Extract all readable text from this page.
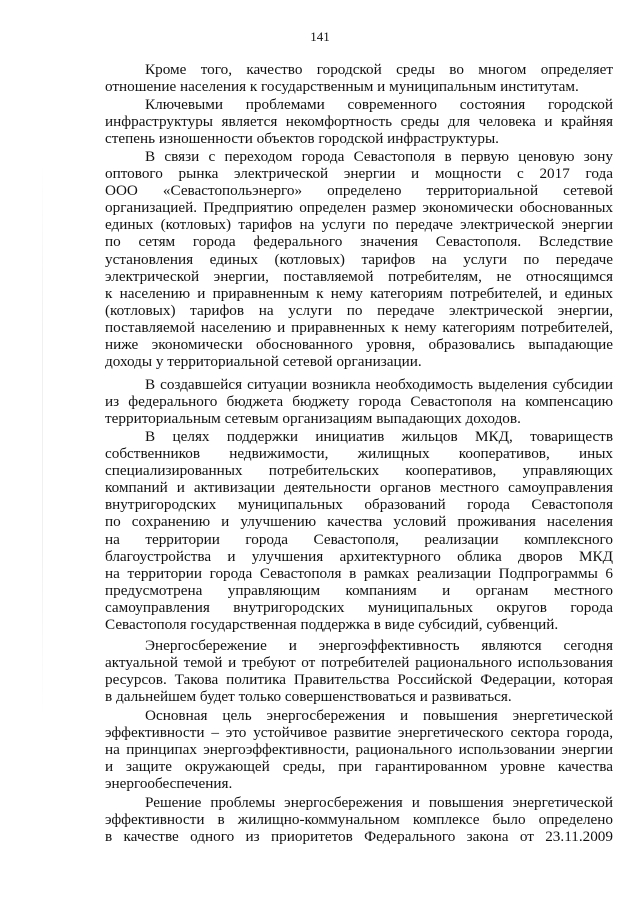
141
Кроме того, качество городской среды во многом определяет
отношение населения к государственным и муниципальным институтам.
Ключевыми проблемами современного состояния городской
инфраструктуры является некомфортность среды для человека и крайняя
степень изношенности объектов городской инфраструктуры.
В связи с переходом города Севастополя в первую ценовую зону
оптового рынка электрической энергии и мощности с 2017 года
ООО «Севастопольэнерго» определено территориальной сетевой
организацией. Предприятию определен размер экономически обоснованных
единых (котловых) тарифов на услуги по передаче электрической энергии
по сетям города федерального значения Севастополя. Вследствие
установления единых (котловых) тарифов на услуги по передаче
электрической энергии, поставляемой потребителям, не относящимся
к населению и приравненным к нему категориям потребителей, и единых
(котловых) тарифов на услуги по передаче электрической энергии,
поставляемой населению и приравненных к нему категориям потребителей,
ниже экономически обоснованного уровня, образовались выпадающие
доходы у территориальной сетевой организации.
В создавшейся ситуации возникла необходимость выделения субсидии
из федерального бюджета бюджету города Севастополя на компенсацию
территориальным сетевым организациям выпадающих доходов.
В целях поддержки инициатив жильцов МКД, товариществ
собственников недвижимости, жилищных кооперативов, иных
специализированных потребительских кооперативов, управляющих
компаний и активизации деятельности органов местного самоуправления
внутригородских муниципальных образований города Севастополя
по сохранению и улучшению качества условий проживания населения
на территории города Севастополя, реализации комплексного
благоустройства и улучшения архитектурного облика дворов МКД
на территории города Севастополя в рамках реализации Подпрограммы 6
предусмотрена управляющим компаниям и органам местного
самоуправления внутригородских муниципальных округов города
Севастополя государственная поддержка в виде субсидий, субвенций.
Энергосбережение и энергоэффективность являются сегодня
актуальной темой и требуют от потребителей рационального использования
ресурсов. Такова политика Правительства Российской Федерации, которая
в дальнейшем будет только совершенствоваться и развиваться.
Основная цель энергосбережения и повышения энергетической
эффективности – это устойчивое развитие энергетического сектора города,
на принципах энергоэффективности, рационального использовании энергии
и защите окружающей среды, при гарантированном уровне качества
энергообеспечения.
Решение проблемы энергосбережения и повышения энергетической
эффективности в жилищно-коммунальном комплексе было определено
в качестве одного из приоритетов Федерального закона от 23.11.2009
